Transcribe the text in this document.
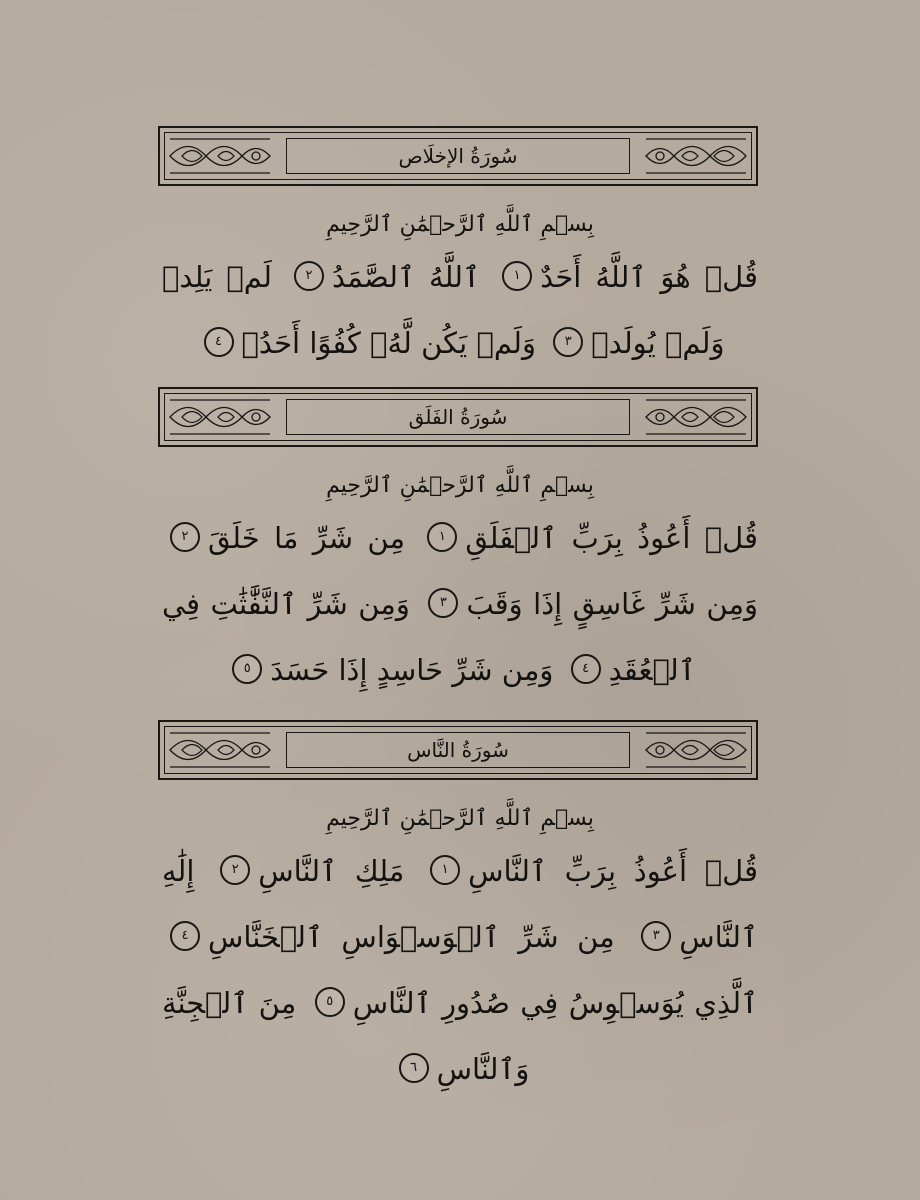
سُورَةُ الإخلَاص
بِسۡمِ ٱللَّهِ ٱلرَّحۡمَٰنِ ٱلرَّحِيمِ
قُلۡ هُوَ ٱللَّهُ أَحَدٌ١ ٱللَّهُ ٱلصَّمَدُ٢ لَمۡ يَلِدۡ وَلَمۡ يُولَدۡ٣ وَلَمۡ يَكُن لَّهُۥ كُفُوًا أَحَدُۢ٤
سُورَةُ الفَلَق
بِسۡمِ ٱللَّهِ ٱلرَّحۡمَٰنِ ٱلرَّحِيمِ
قُلۡ أَعُوذُ بِرَبِّ ٱلۡفَلَقِ١ مِن شَرِّ مَا خَلَقَ٢ وَمِن شَرِّ غَاسِقٍ إِذَا وَقَبَ٣ وَمِن شَرِّ ٱلنَّفَّٰثَٰتِ فِي ٱلۡعُقَدِ٤ وَمِن شَرِّ حَاسِدٍ إِذَا حَسَدَ٥
سُورَةُ النَّاس
بِسۡمِ ٱللَّهِ ٱلرَّحۡمَٰنِ ٱلرَّحِيمِ
قُلۡ أَعُوذُ بِرَبِّ ٱلنَّاسِ١ مَلِكِ ٱلنَّاسِ٢ إِلَٰهِ ٱلنَّاسِ٣ مِن شَرِّ ٱلۡوَسۡوَاسِ ٱلۡخَنَّاسِ٤ ٱلَّذِي يُوَسۡوِسُ فِي صُدُورِ ٱلنَّاسِ٥ مِنَ ٱلۡجِنَّةِ وَٱلنَّاسِ٦
